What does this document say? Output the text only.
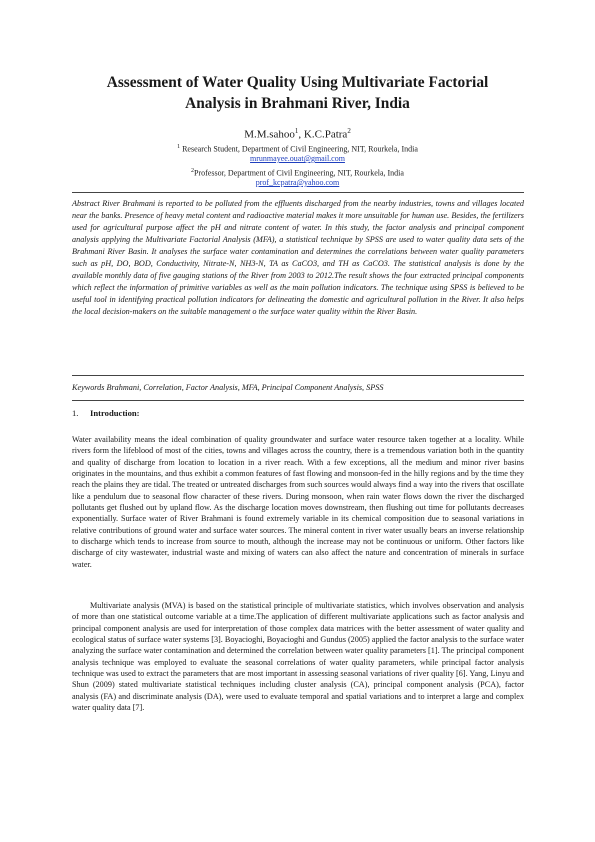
Assessment of Water Quality Using Multivariate Factorial
Analysis in Brahmani River, India
M.M.sahoo$^1$, K.C.Patra$^2$
$^1$ Research Student, Department of Civil Engineering, NIT, Rourkela, India
mrunmayee.ouat@gmail.com
$^2$Professor, Department of Civil Engineering, NIT, Rourkela, India
prof_kcpatra@yahoo.com

Abstract River Brahmani is reported to be polluted from the effluents discharged from the nearby industries, towns and villages located near the banks. Presence of heavy metal content and radioactive material makes it more unsuitable for human use. Besides, the fertilizers used for agricultural purpose affect the pH and nitrate content of water. In this study, the factor analysis and principal component analysis applying the Multivariate Factorial Analysis (MFA), a statistical technique by SPSS are used to water quality data sets of the Brahmani River Basin. It analyses the surface water contamination and determines the correlations between water quality parameters such as pH, DO, BOD, Conductivity, Nitrate-N, NH3-N, TA as CaCO3, and TH as CaCO3. The statistical analysis is done by the available monthly data of five gauging stations of the River from 2003 to 2012.The result shows the four extracted principal components which reflect the information of primitive variables as well as the main pollution indicators. The technique using SPSS is believed to be useful tool in identifying practical pollution indicators for delineating the domestic and agricultural pollution in the River. It also helps the local decision-makers on the suitable management o the surface water quality within the River Basin.

Keywords Brahmani, Correlation, Factor Analysis, MFA, Principal Component Analysis, SPSS

1. Introduction:

Water availability means the ideal combination of quality groundwater and surface water resource taken together at a locality. While rivers form the lifeblood of most of the cities, towns and villages across the country, there is a tremendous variation both in the quantity and quality of discharge from location to location in a river reach. With a few exceptions, all the medium and minor river basins originates in the mountains, and thus exhibit a common features of fast flowing and monsoon-fed in the hilly regions and by the time they reach the plains they are tidal. The treated or untreated discharges from such sources would always find a way into the rivers that oscillate like a pendulum due to seasonal flow character of these rivers. During monsoon, when rain water flows down the river the discharged pollutants get flushed out by upland flow. As the discharge location moves downstream, then flushing out time for pollutants decreases exponentially. Surface water of River Brahmani is found extremely variable in its chemical composition due to seasonal variations in relative contributions of ground water and surface water sources. The mineral content in river water usually bears an inverse relationship to discharge which tends to increase from source to mouth, although the increase may not be continuous or uniform. Other factors like discharge of city wastewater, industrial waste and mixing of waters can also affect the nature and concentration of minerals in surface water.

Multivariate analysis (MVA) is based on the statistical principle of multivariate statistics, which involves observation and analysis of more than one statistical outcome variable at a time.The application of different multivariate applications such as factor analysis and principal component analysis are used for interpretation of those complex data matrices with the better assessment of water quality and ecological status of surface water systems [3]. Boyacioghi, Boyacioghi and Gundus (2005) applied the factor analysis to the surface water analyzing the surface water contamination and determined the correlation between water quality parameters [1]. The principal component analysis technique was employed to evaluate the seasonal correlations of water quality parameters, while principal factor analysis technique was used to extract the parameters that are most important in assessing seasonal variations of river quality [6]. Yang, Linyu and Shun (2009) stated multivariate statistical techniques including cluster analysis (CA), principal component analysis (PCA), factor analysis (FA) and discriminate analysis (DA), were used to evaluate temporal and spatial variations and to interpret a large and complex water quality data [7].
